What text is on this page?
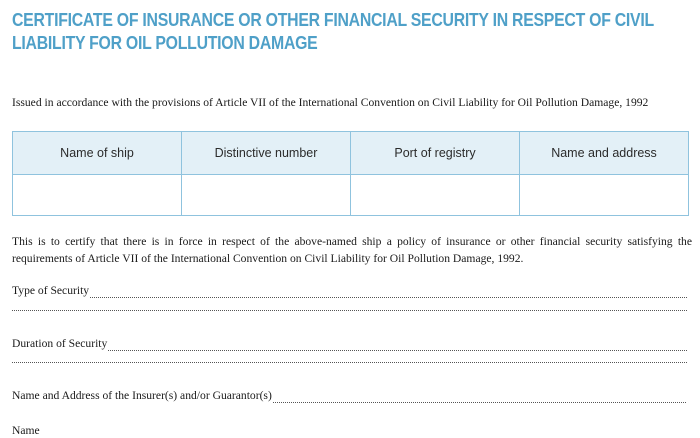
CERTIFICATE OF INSURANCE OR OTHER FINANCIAL SECURITY IN RESPECT OF CIVIL LIABILITY FOR OIL POLLUTION DAMAGE
Issued in accordance with the provisions of Article VII of the International Convention on Civil Liability for Oil Pollution Damage, 1992
Name of ship	Distinctive number	Port of registry	Name and address

This is to certify that there is in force in respect of the above-named ship a policy of insurance or other financial security satisfying the requirements of Article VII of the International Convention on Civil Liability for Oil Pollution Damage, 1992.
Type of Security
Duration of Security
Name and Address of the Insurer(s) and/or Guarantor(s)
Name
